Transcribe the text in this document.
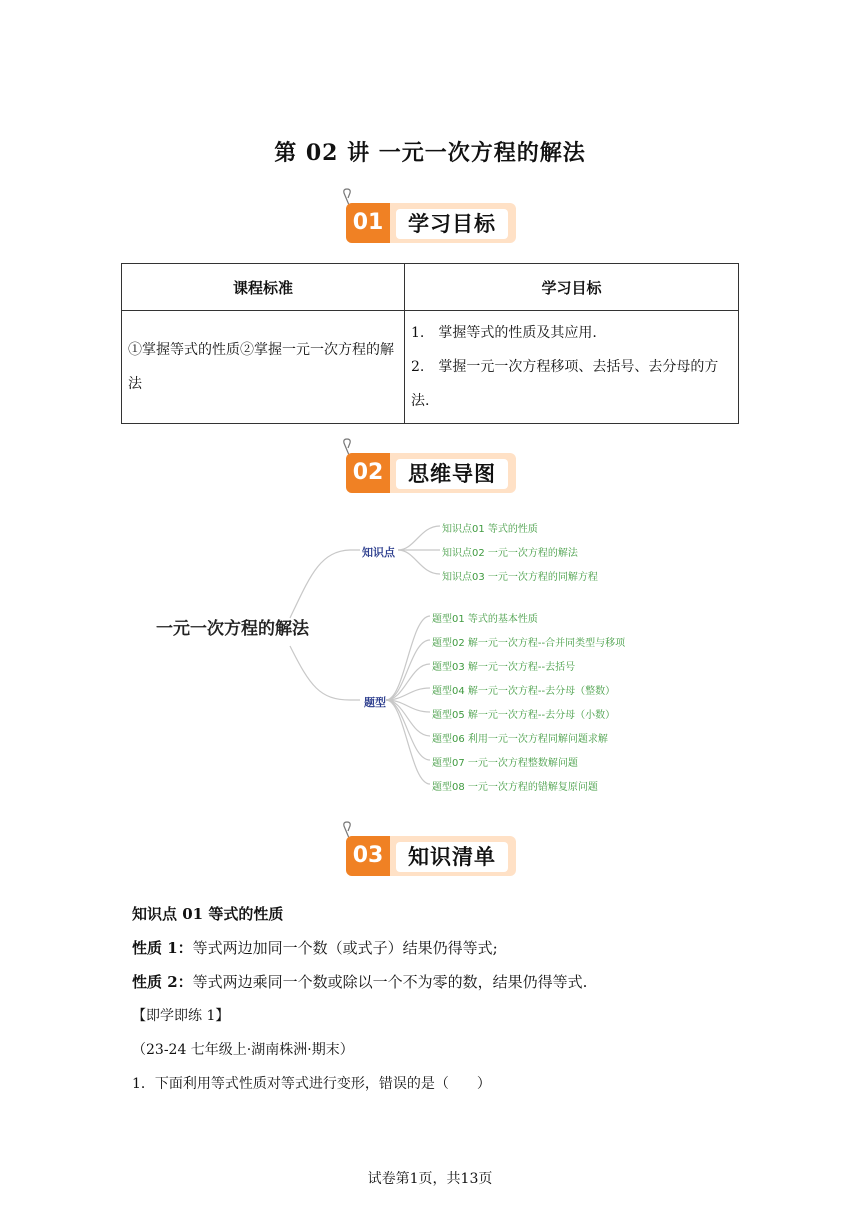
第 02 讲 一元一次方程的解法
01	学习目标
课程标准	学习目标
①掌握等式的性质②掌握一元一次方程的解法	1.　掌握等式的性质及其应用.
2.　掌握一元一次方程移项、去括号、去分母的方法.
02	思维导图
一元一次方程的解法
知识点
知识点01 等式的性质
知识点02 一元一次方程的解法
知识点03 一元一次方程的同解方程
题型
题型01 等式的基本性质
题型02 解一元一次方程--合并同类型与移项
题型03 解一元一次方程--去括号
题型04 解一元一次方程--去分母（整数）
题型05 解一元一次方程--去分母（小数）
题型06 利用一元一次方程同解问题求解
题型07 一元一次方程整数解问题
题型08 一元一次方程的错解复原问题
03	知识清单
知识点 01 等式的性质
性质 1：等式两边加同一个数（或式子）结果仍得等式;
性质 2：等式两边乘同一个数或除以一个不为零的数，结果仍得等式.
【即学即练 1】
（23-24 七年级上·湖南株洲·期末）
1．下面利用等式性质对等式进行变形，错误的是（　　）
试卷第1页，共13页
